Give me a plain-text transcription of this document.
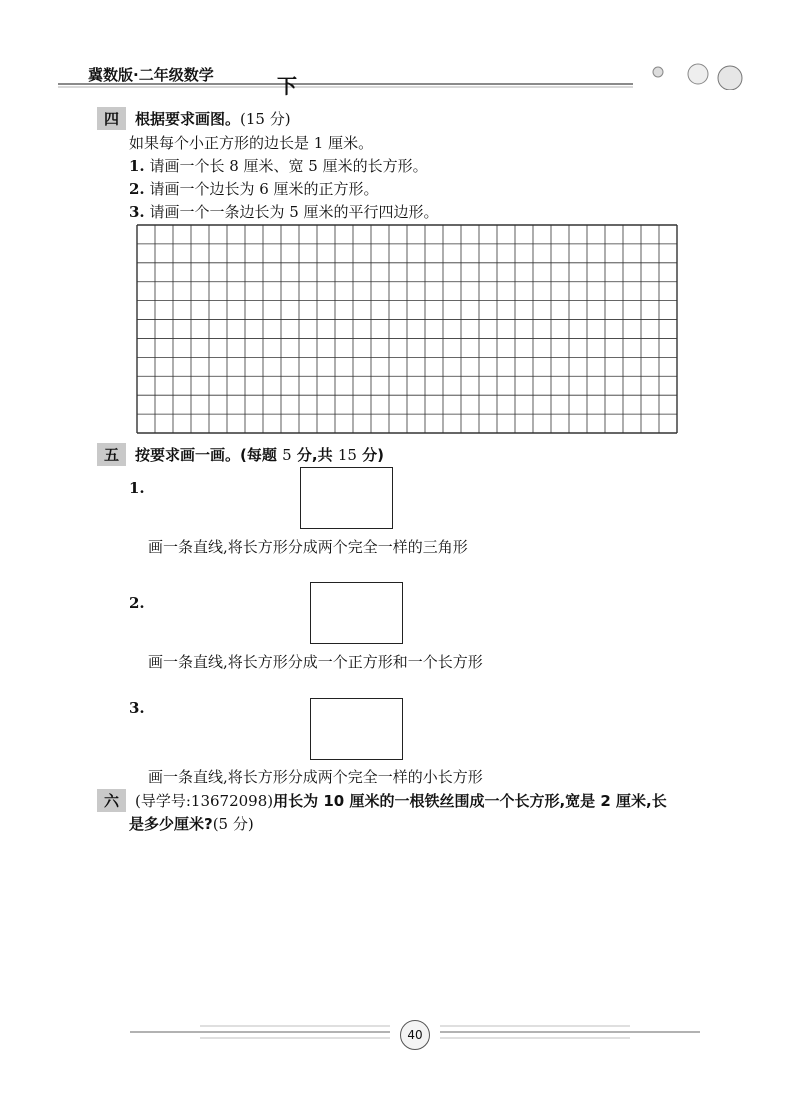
冀数版·二年级数学	下
四 根据要求画图。(15 分)
如果每个小正方形的边长是 1 厘米。
1. 请画一个长 8 厘米、宽 5 厘米的长方形。
2. 请画一个边长为 6 厘米的正方形。
3. 请画一个一条边长为 5 厘米的平行四边形。
五 按要求画一画。(每题 5 分,共 15 分)
1.
画一条直线,将长方形分成两个完全一样的三角形
2.
画一条直线,将长方形分成一个正方形和一个长方形
3.
画一条直线,将长方形分成两个完全一样的小长方形
六 (导学号:13672098)用长为 10 厘米的一根铁丝围成一个长方形,宽是 2 厘米,长
是多少厘米?(5 分)
40
